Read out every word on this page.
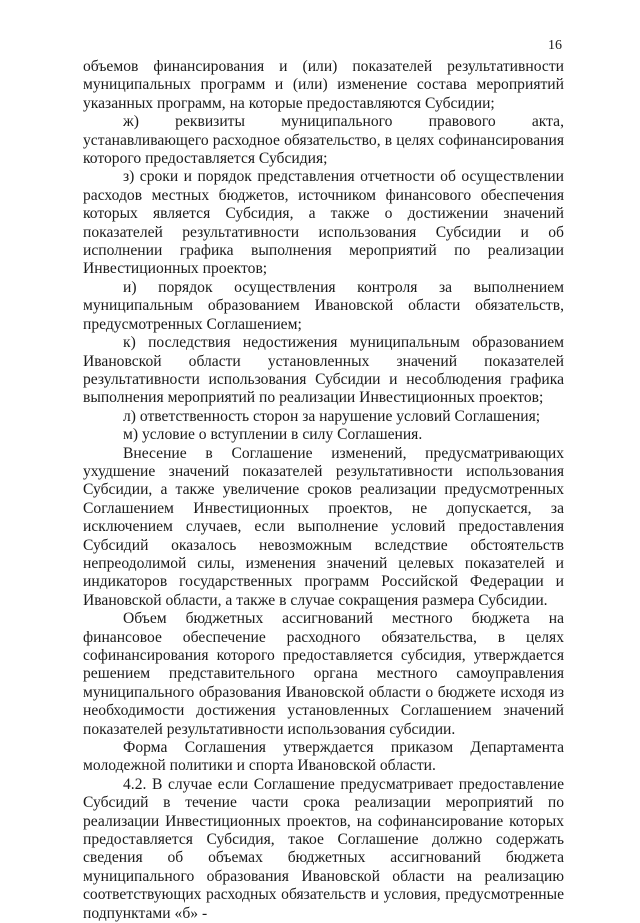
16

объемов финансирования и (или) показателей результативности муниципальных программ и (или) изменение состава мероприятий указанных программ, на которые предоставляются Субсидии;

ж) реквизиты муниципального правового акта, устанавливающего расходное обязательство, в целях софинансирования которого предоставляется Субсидия;

з) сроки и порядок представления отчетности об осуществлении расходов местных бюджетов, источником финансового обеспечения которых является Субсидия, а также о достижении значений показателей результативности использования Субсидии и об исполнении графика выполнения мероприятий по реализации Инвестиционных проектов;

и) порядок осуществления контроля за выполнением муниципальным образованием Ивановской области обязательств, предусмотренных Соглашением;

к) последствия недостижения муниципальным образованием Ивановской области установленных значений показателей результативности использования Субсидии и несоблюдения графика выполнения мероприятий по реализации Инвестиционных проектов;

л) ответственность сторон за нарушение условий Соглашения;

м) условие о вступлении в силу Соглашения.

Внесение в Соглашение изменений, предусматривающих ухудшение значений показателей результативности использования Субсидии, а также увеличение сроков реализации предусмотренных Соглашением Инвестиционных проектов, не допускается, за исключением случаев, если выполнение условий предоставления Субсидий оказалось невозможным вследствие обстоятельств непреодолимой силы, изменения значений целевых показателей и индикаторов государственных программ Российской Федерации и Ивановской области, а также в случае сокращения размера Субсидии.

Объем бюджетных ассигнований местного бюджета на финансовое обеспечение расходного обязательства, в целях софинансирования которого предоставляется субсидия, утверждается решением представительного органа местного самоуправления муниципального образования Ивановской области о бюджете исходя из необходимости достижения установленных Соглашением значений показателей результативности использования субсидии.

Форма Соглашения утверждается приказом Департамента молодежной политики и спорта Ивановской области.

4.2. В случае если Соглашение предусматривает предоставление Субсидий в течение части срока реализации мероприятий по реализации Инвестиционных проектов, на софинансирование которых предоставляется Субсидия, такое Соглашение должно содержать сведения об объемах бюджетных ассигнований бюджета муниципального образования Ивановской области на реализацию соответствующих расходных обязательств и условия, предусмотренные подпунктами «б» -
